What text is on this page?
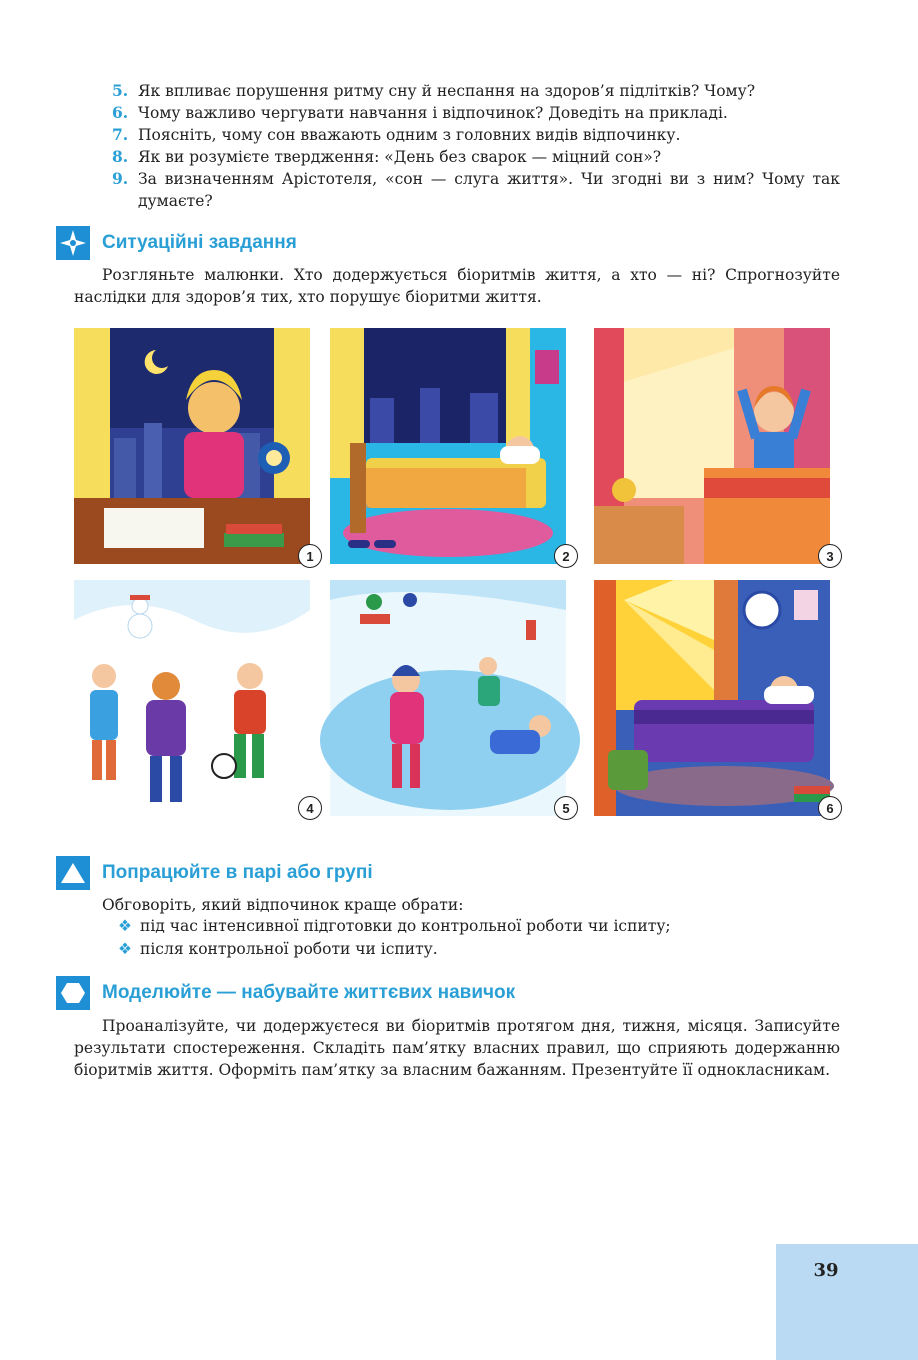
5. Як впливає порушення ритму сну й неспання на здоров’я підлітків? Чому?
6. Чому важливо чергувати навчання і відпочинок? Доведіть на прикладі.
7. Поясніть, чому сон вважають одним з головних видів відпочинку.
8. Як ви розумієте твердження: «День без сварок — міцний сон»?
9. За визначенням Арістотеля, «сон — слуга життя». Чи згодні ви з ним? Чому так думаєте?
Ситуаційні завдання
Розгляньте малюнки. Хто додержується біоритмів життя, а хто — ні? Спрогнозуйте наслідки для здоров’я тих, хто порушує біоритми життя.
1	2	3
4	5	6
Попрацюйте в парі або групі
Обговоріть, який відпочинок краще обрати:
❖ під час інтенсивної підготовки до контрольної роботи чи іспиту;
❖ після контрольної роботи чи іспиту.
Моделюйте — набувайте життєвих навичок
Проаналізуйте, чи додержуєтеся ви біоритмів протягом дня, тижня, місяця. Записуйте результати спостереження. Складіть пам’ятку власних правил, що сприяють додержанню біоритмів життя. Оформіть пам’ятку за власним бажанням. Презентуйте її однокласникам.
39
